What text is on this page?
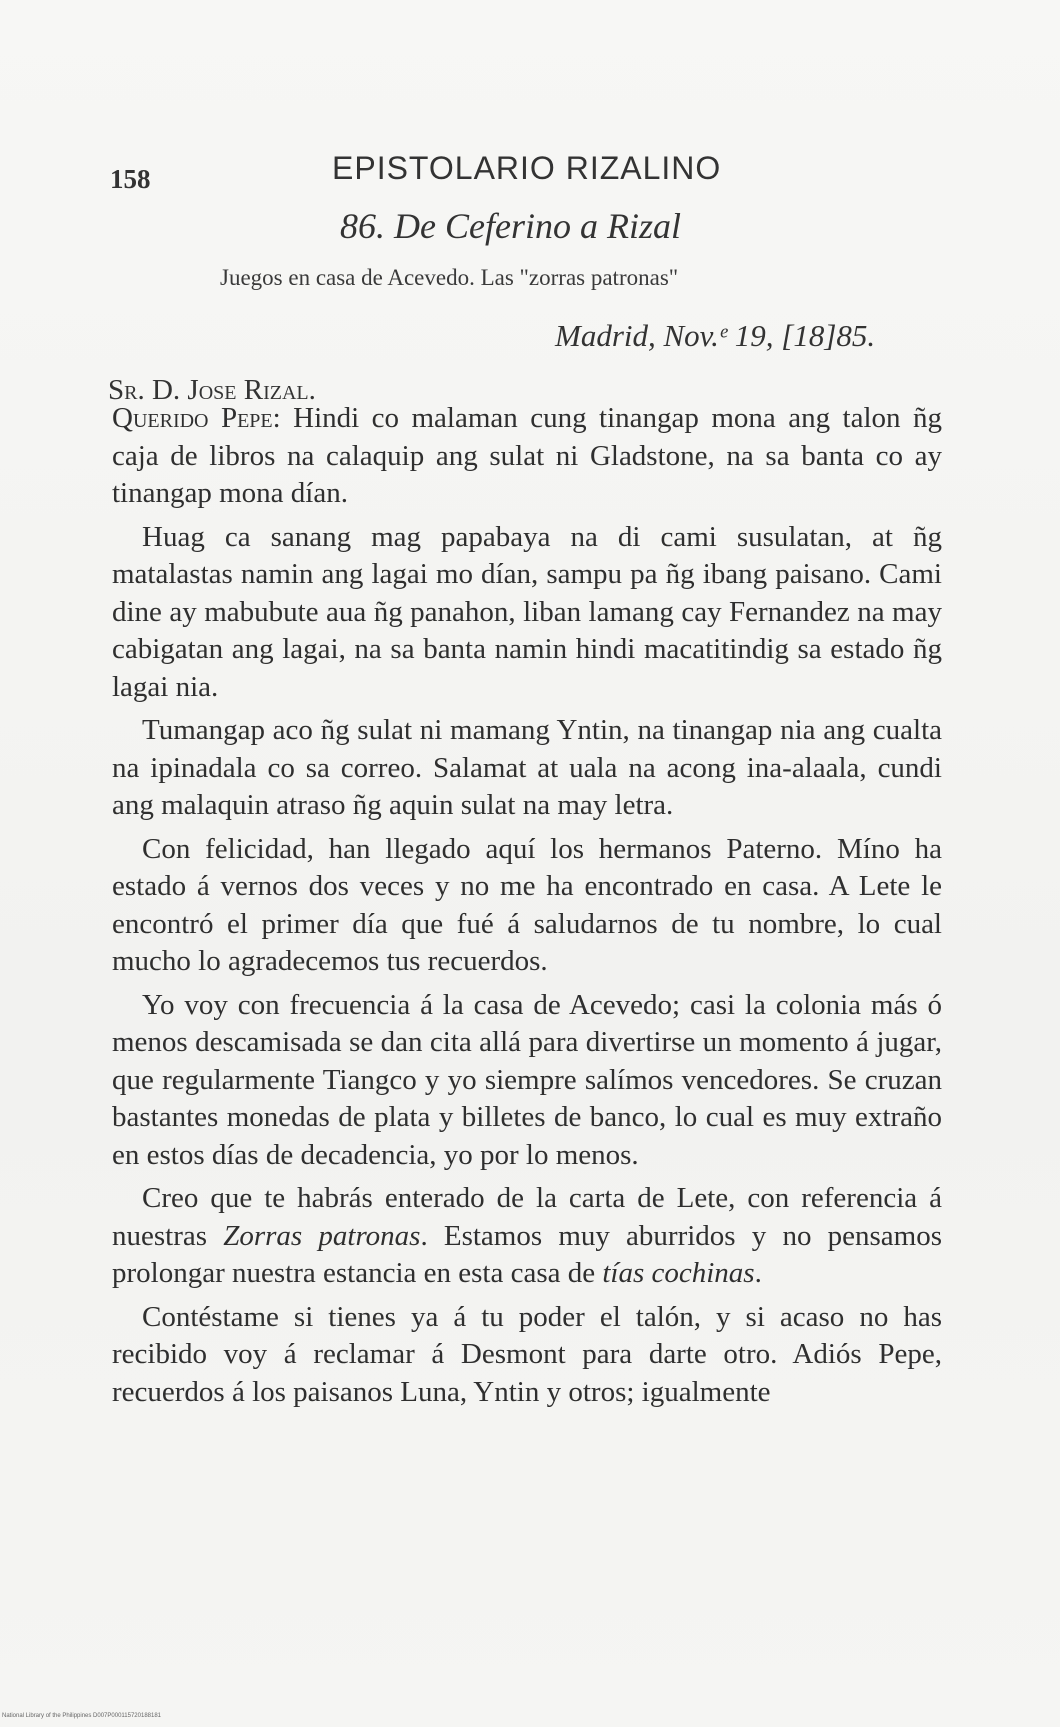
158	EPISTOLARIO RIZALINO
86. De Ceferino a Rizal
Juegos en casa de Acevedo. Las "zorras patronas"
Madrid, Nov.ᵉ 19, [18]85.
Sr. D. Jose Rizal.

Querido Pepe: Hindi co malaman cung tinangap mona ang talon ñg caja de libros na calaquip ang sulat ni Gladstone, na sa banta co ay tinangap mona dían.

Huag ca sanang mag papabaya na di cami susulatan, at ñg matalastas namin ang lagai mo dían, sampu pa ñg ibang paisano. Cami dine ay mabubute aua ñg panahon, liban lamang cay Fernandez na may cabigatan ang lagai, na sa banta namin hindi macatitindig sa estado ñg lagai nia.

Tumangap aco ñg sulat ni mamang Yntin, na tinangap nia ang cualta na ipinadala co sa correo. Salamat at uala na acong ina-alaala, cundi ang malaquin atraso ñg aquin sulat na may letra.

Con felicidad, han llegado aquí los hermanos Paterno. Míno ha estado á vernos dos veces y no me ha encontrado en casa. A Lete le encontró el primer día que fué á saludarnos de tu nombre, lo cual mucho lo agradecemos tus recuerdos.

Yo voy con frecuencia á la casa de Acevedo; casi la colonia más ó menos descamisada se dan cita allá para divertirse un momento á jugar, que regularmente Tiangco y yo siempre salímos vencedores. Se cruzan bastantes monedas de plata y billetes de banco, lo cual es muy extraño en estos días de decadencia, yo por lo menos.

Creo que te habrás enterado de la carta de Lete, con referencia á nuestras Zorras patronas. Estamos muy aburridos y no pensamos prolongar nuestra estancia en esta casa de tías cochinas.

Contéstame si tienes ya á tu poder el talón, y si acaso no has recibido voy á reclamar á Desmont para darte otro. Adiós Pepe, recuerdos á los paisanos Luna, Yntin y otros; igualmente

National Library of the Philippines D007P000115720188181
